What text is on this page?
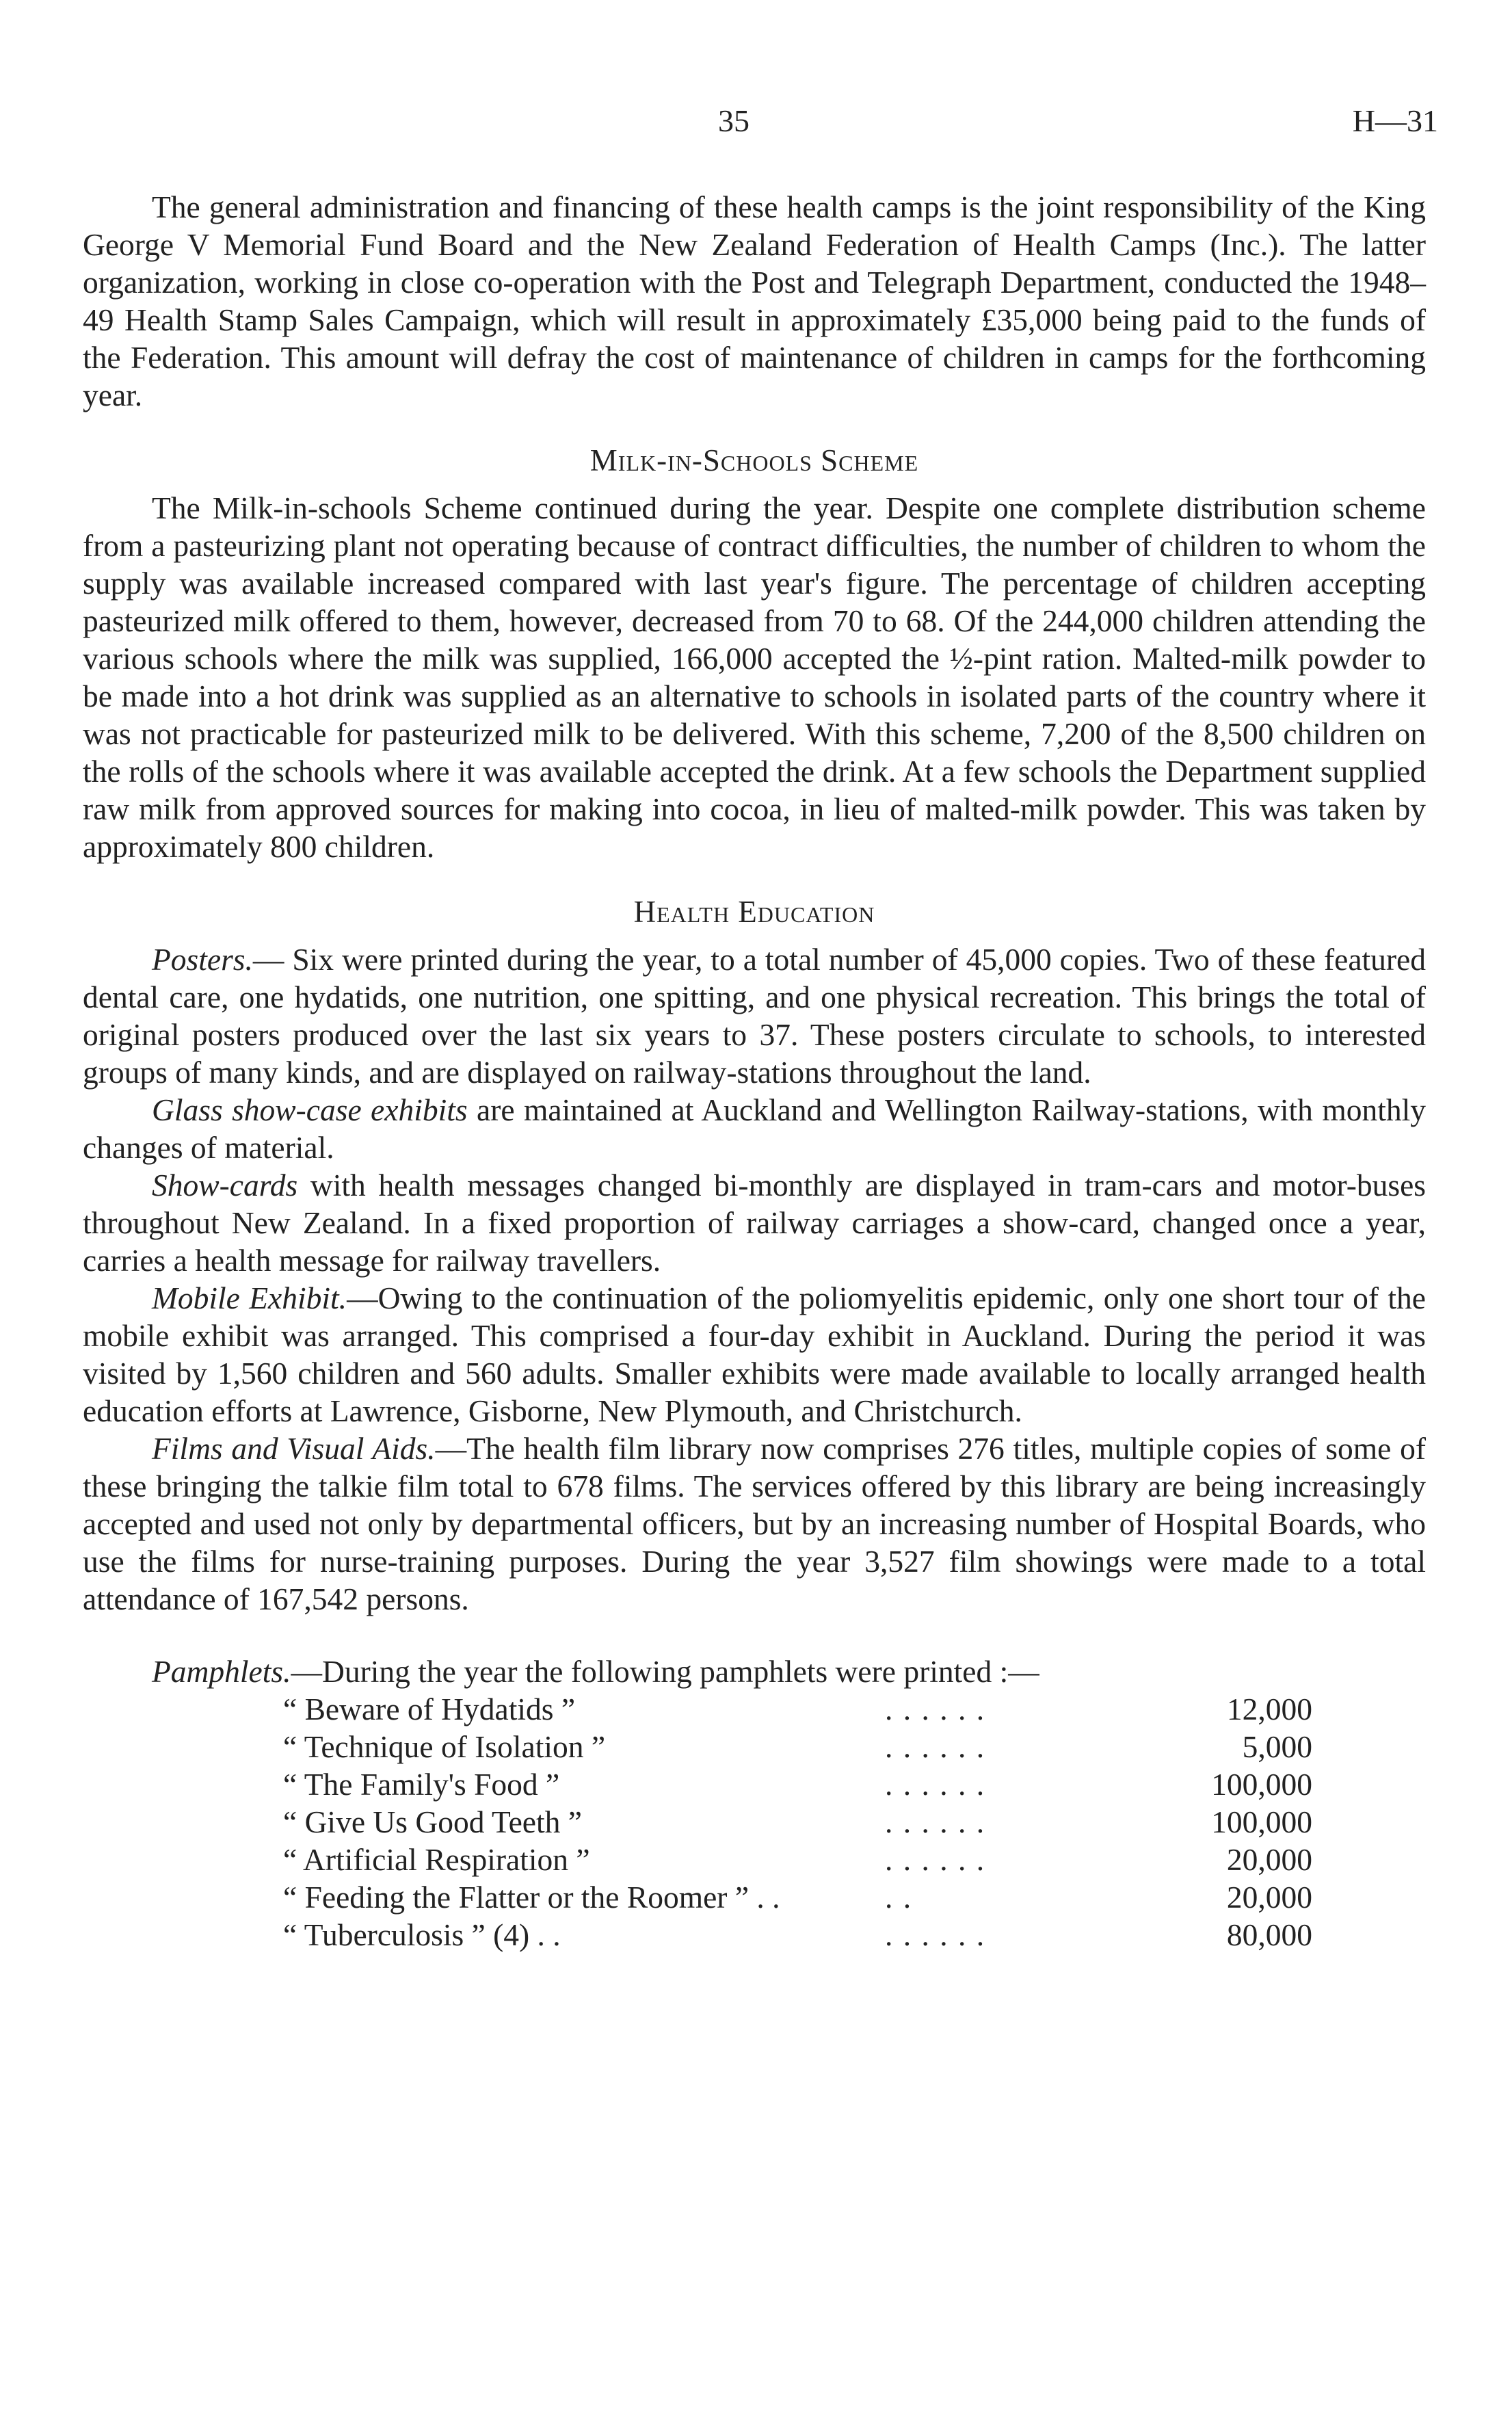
35	H—31

The general administration and financing of these health camps is the joint responsibility of the King George V Memorial Fund Board and the New Zealand Federation of Health Camps (Inc.). The latter organization, working in close co-operation with the Post and Telegraph Department, conducted the 1948–49 Health Stamp Sales Campaign, which will result in approximately £35,000 being paid to the funds of the Federation. This amount will defray the cost of maintenance of children in camps for the forthcoming year.

Milk-in-Schools Scheme

The Milk-in-schools Scheme continued during the year. Despite one complete distribution scheme from a pasteurizing plant not operating because of contract difficulties, the number of children to whom the supply was available increased compared with last year's figure. The percentage of children accepting pasteurized milk offered to them, however, decreased from 70 to 68. Of the 244,000 children attending the various schools where the milk was supplied, 166,000 accepted the ½-pint ration. Malted-milk powder to be made into a hot drink was supplied as an alternative to schools in isolated parts of the country where it was not practicable for pasteurized milk to be delivered. With this scheme, 7,200 of the 8,500 children on the rolls of the schools where it was available accepted the drink. At a few schools the Department supplied raw milk from approved sources for making into cocoa, in lieu of malted-milk powder. This was taken by approximately 800 children.

Health Education

Posters.— Six were printed during the year, to a total number of 45,000 copies. Two of these featured dental care, one hydatids, one nutrition, one spitting, and one physical recreation. This brings the total of original posters produced over the last six years to 37. These posters circulate to schools, to interested groups of many kinds, and are displayed on railway-stations throughout the land.

Glass show-case exhibits are maintained at Auckland and Wellington Railway-stations, with monthly changes of material.

Show-cards with health messages changed bi-monthly are displayed in tram-cars and motor-buses throughout New Zealand. In a fixed proportion of railway carriages a show-card, changed once a year, carries a health message for railway travellers.

Mobile Exhibit.—Owing to the continuation of the poliomyelitis epidemic, only one short tour of the mobile exhibit was arranged. This comprised a four-day exhibit in Auckland. During the period it was visited by 1,560 children and 560 adults. Smaller exhibits were made available to locally arranged health education efforts at Lawrence, Gisborne, New Plymouth, and Christchurch.

Films and Visual Aids.—The health film library now comprises 276 titles, multiple copies of some of these bringing the talkie film total to 678 films. The services offered by this library are being increasingly accepted and used not only by departmental officers, but by an increasing number of Hospital Boards, who use the films for nurse-training purposes. During the year 3,527 film showings were made to a total attendance of 167,542 persons.

Pamphlets.—During the year the following pamphlets were printed :—

“ Beware of Hydatids ”	. . . . . .	12,000
“ Technique of Isolation ”	. . . . . .	5,000
“ The Family's Food ”	. . . . . .	100,000
“ Give Us Good Teeth ”	. . . . . .	100,000
“ Artificial Respiration ”	. . . . . .	20,000
“ Feeding the Flatter or the Roomer ” . .	. .	20,000
“ Tuberculosis ” (4) . .	. . . . . .	80,000
